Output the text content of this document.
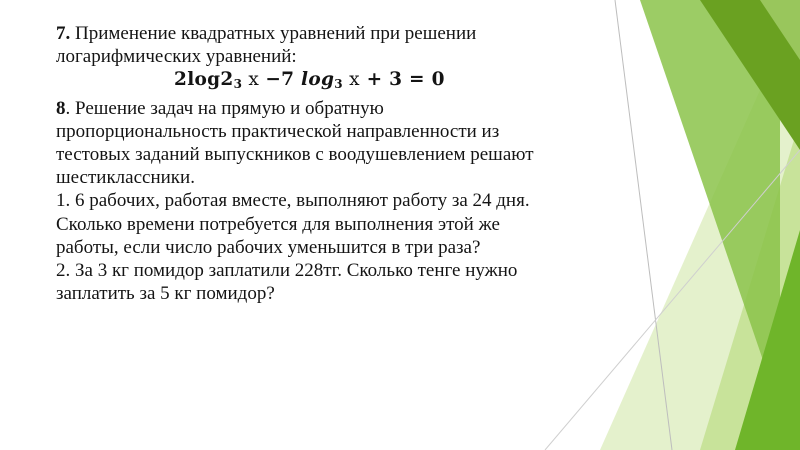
7. Применение квадратных уравнений при решении
логарифмических уравнений:
$2\log 2_3$ x −7 $\log_3 x + 3 = 0$
8. Решение задач на прямую и обратную
пропорциональность практической направленности из
тестовых заданий выпускников с воодушевлением решают
шестиклассники.
1. 6 рабочих, работая вместе, выполняют работу за 24 дня.
Сколько времени потребуется для выполнения этой же
работы, если число рабочих уменьшится в три раза?
2. За 3 кг помидор заплатили 228тг. Сколько тенге нужно
заплатить за 5 кг помидор?
